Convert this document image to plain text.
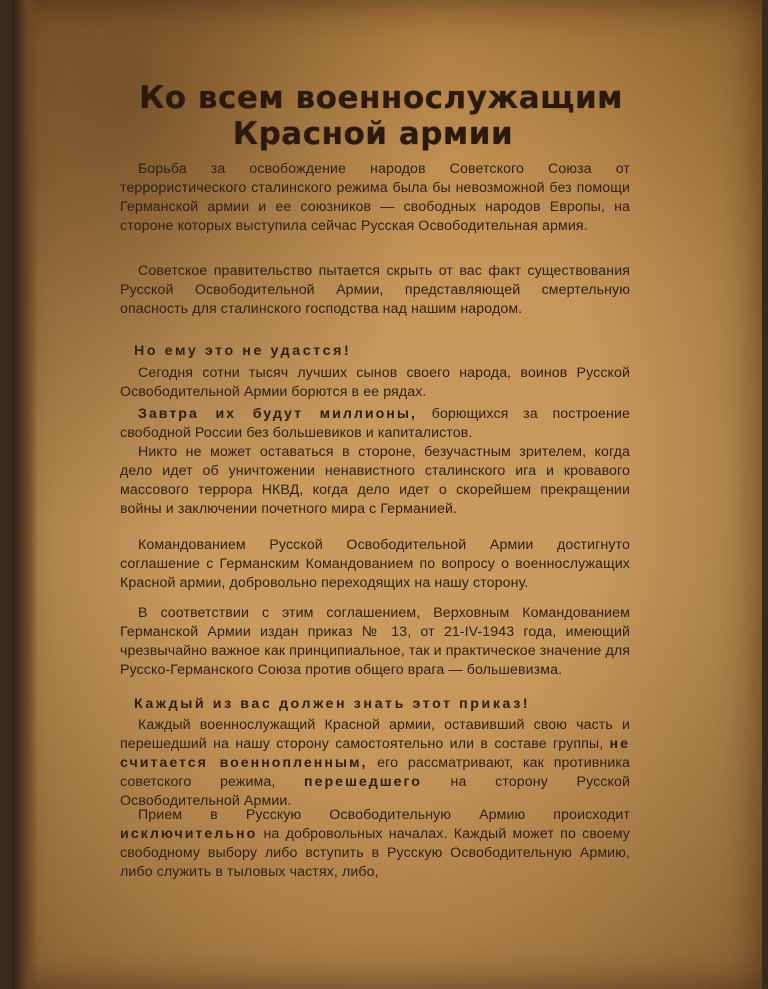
Ко всем военнослужащим
Красной армии
Борьба за освобождение народов Советского Союза от террористического сталинского режима была бы невозможной без помощи Германской армии и ее союзников — свободных народов Европы, на стороне которых выступила сейчас Русская Освободительная армия.
Советское правительство пытается скрыть от вас факт существования Русской Освободительной Армии, представляющей смертельную опасность для сталинского господства над нашим народом.
Но ему это не удастся!
Сегодня сотни тысяч лучших сынов своего народа, воинов Русской Освободительной Армии борются в ее рядах.
Завтра их будут миллионы, борющихся за построение свободной России без большевиков и капиталистов.
Никто не может оставаться в стороне, безучастным зрителем, когда дело идет об уничтожении ненавистного сталинского ига и кровавого массового террора НКВД, когда дело идет о скорейшем прекращении войны и заключении почетного мира с Германией.
Командованием Русской Освободительной Армии достигнуто соглашение с Германским Командованием по вопросу о военнослужащих Красной армии, добровольно переходящих на нашу сторону.
В соответствии с этим соглашением, Верховным Командованием Германской Армии издан приказ № 13, от 21-IV-1943 года, имеющий чрезвычайно важное как принципиальное, так и практическое значение для Русско-Германского Союза против общего врага — большевизма.
Каждый из вас должен знать этот приказ!
Каждый военнослужащий Красной армии, оставивший свою часть и перешедший на нашу сторону самостоятельно или в составе группы, не считается военнопленным, его рассматривают, как противника советского режима, перешедшего на сторону Русской Освободительной Армии.
Прием в Русскую Освободительную Армию происходит исключительно на добровольных началах. Каждый может по своему свободному выбору либо вступить в Русскую Освободительную Армию, либо служить в тыловых частях, либо,
